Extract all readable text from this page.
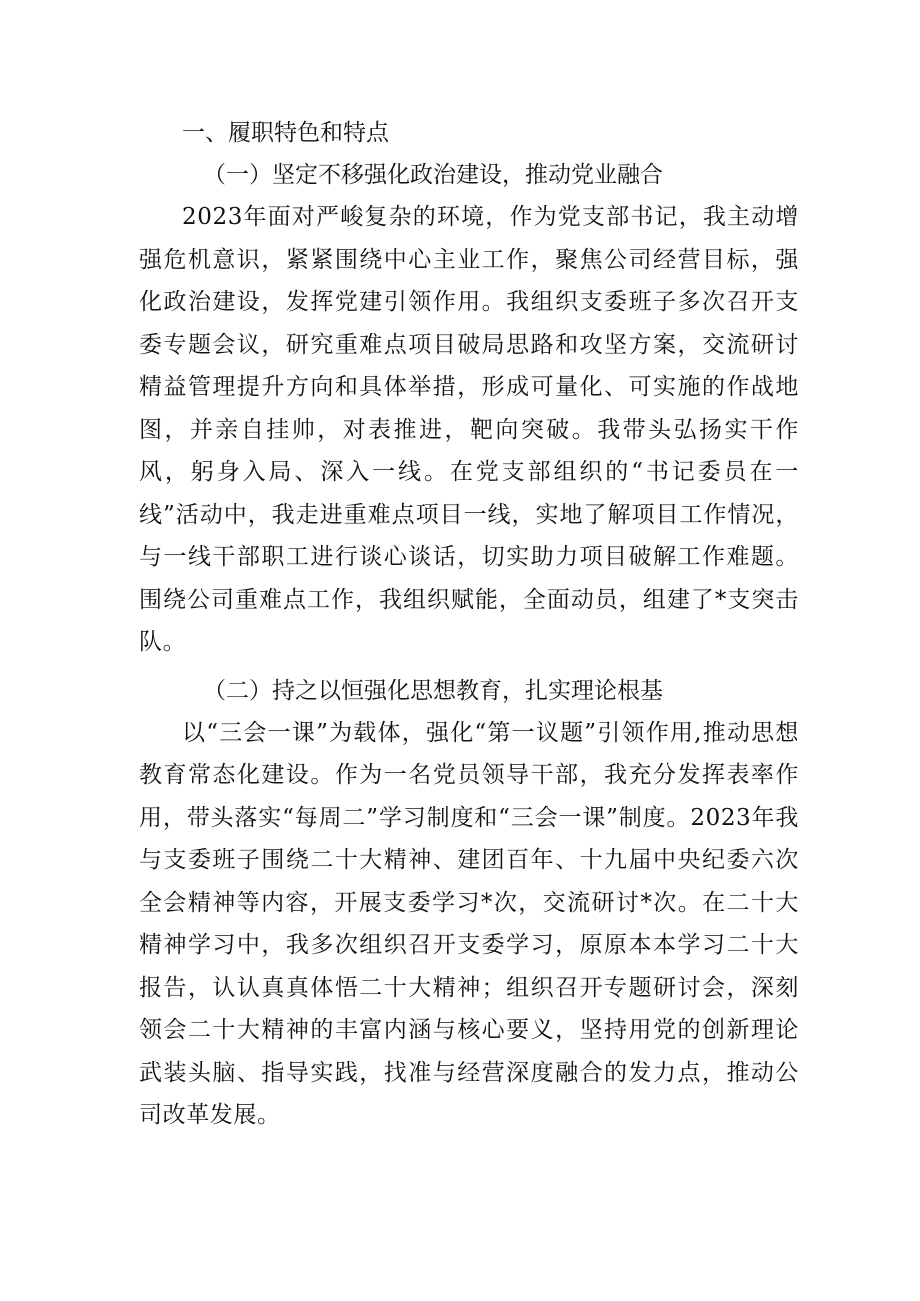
一、履职特色和特点

（一）坚定不移强化政治建设，推动党业融合

2023年面对严峻复杂的环境，作为党支部书记，我主动增强危机意识，紧紧围绕中心主业工作，聚焦公司经营目标，强化政治建设，发挥党建引领作用。我组织支委班子多次召开支委专题会议，研究重难点项目破局思路和攻坚方案，交流研讨精益管理提升方向和具体举措，形成可量化、可实施的作战地图，并亲自挂帅，对表推进，靶向突破。我带头弘扬实干作风，躬身入局、深入一线。在党支部组织的“书记委员在一线”活动中，我走进重难点项目一线，实地了解项目工作情况，与一线干部职工进行谈心谈话，切实助力项目破解工作难题。围绕公司重难点工作，我组织赋能，全面动员，组建了*支突击队。

（二）持之以恒强化思想教育，扎实理论根基

以“三会一课”为载体，强化“第一议题”引领作用,推动思想教育常态化建设。作为一名党员领导干部，我充分发挥表率作用，带头落实“每周二”学习制度和“三会一课”制度。2023年我与支委班子围绕二十大精神、建团百年、十九届中央纪委六次全会精神等内容，开展支委学习*次，交流研讨*次。在二十大精神学习中，我多次组织召开支委学习，原原本本学习二十大报告，认认真真体悟二十大精神；组织召开专题研讨会，深刻领会二十大精神的丰富内涵与核心要义，坚持用党的创新理论武装头脑、指导实践，找准与经营深度融合的发力点，推动公司改革发展。
